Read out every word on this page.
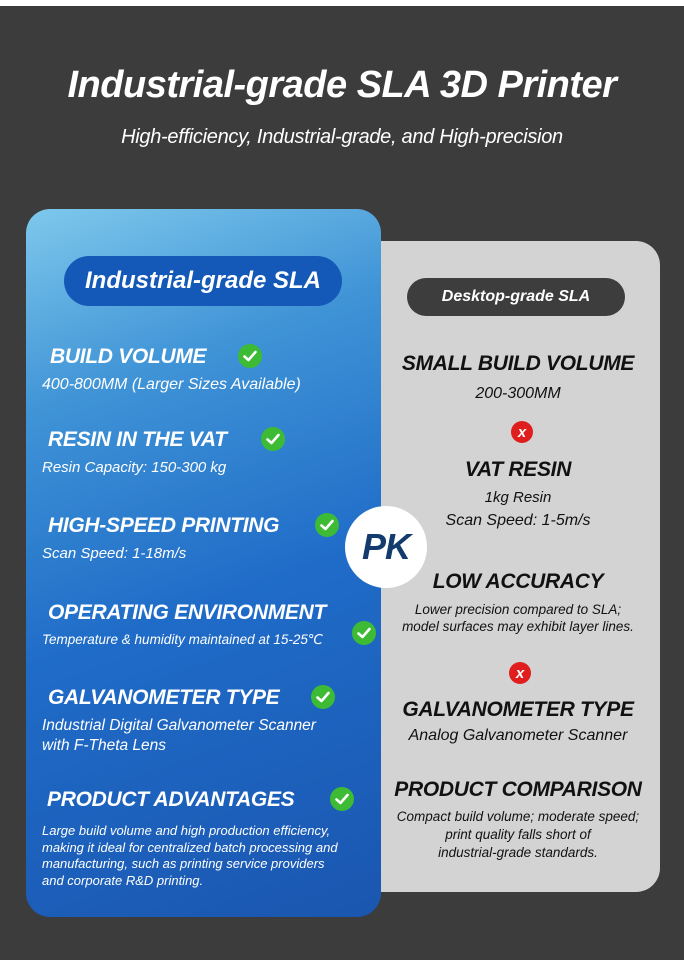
Industrial-grade SLA 3D Printer
High-efficiency, Industrial-grade, and High-precision
Desktop-grade SLA
SMALL BUILD VOLUME
200-300MM
x
VAT RESIN
1kg Resin
Scan Speed: 1-5m/s
LOW ACCURACY
Lower precision compared to SLA;
model surfaces may exhibit layer lines.
x
GALVANOMETER TYPE
Analog Galvanometer Scanner
PRODUCT COMPARISON
Compact build volume; moderate speed;
print quality falls short of
industrial-grade standards.
Industrial-grade SLA
BUILD VOLUME
400-800MM (Larger Sizes Available)
RESIN IN THE VAT
Resin Capacity: 150-300 kg
HIGH-SPEED PRINTING
Scan Speed: 1-18m/s
OPERATING ENVIRONMENT
Temperature & humidity maintained at 15-25℃
GALVANOMETER TYPE
Industrial Digital Galvanometer Scanner
with F-Theta Lens
PRODUCT ADVANTAGES
Large build volume and high production efficiency,
making it ideal for centralized batch processing and
manufacturing, such as printing service providers
and corporate R&D printing.
PK
